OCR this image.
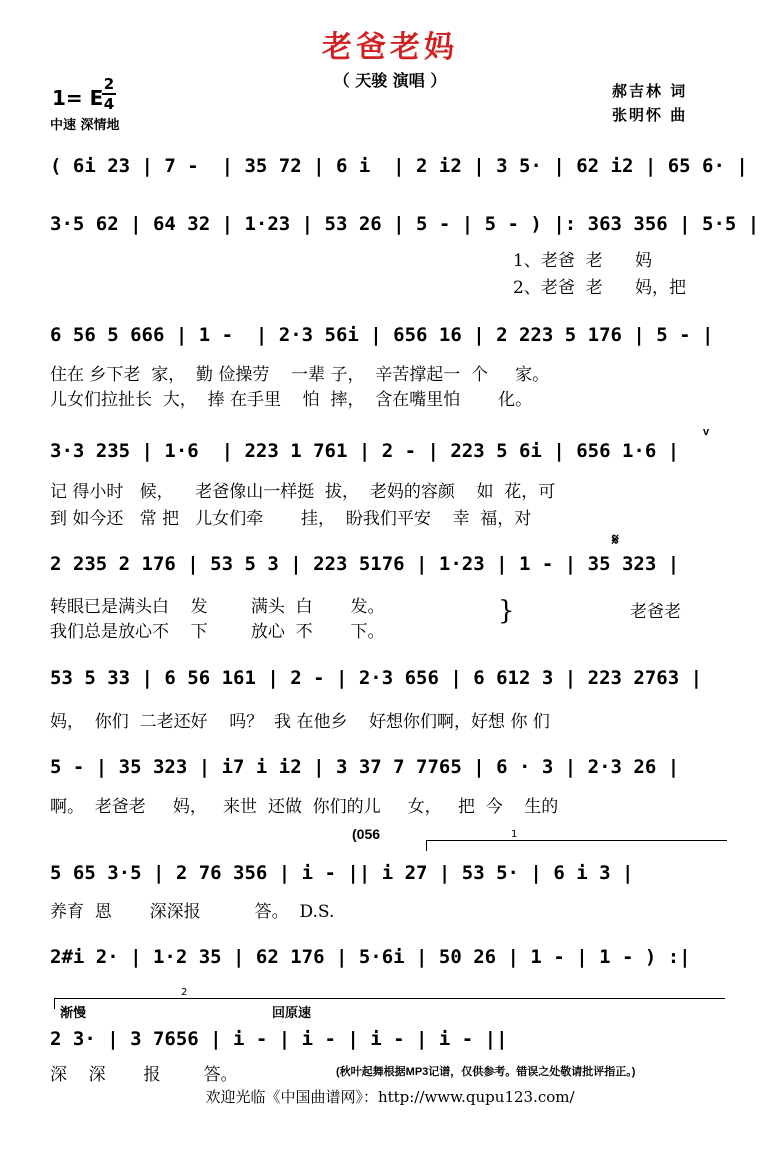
老爸老妈
（ 天骏 演唱 ）
1= E
2
4
中速 深情地
郝吉林 词
张明怀 曲
( 6i 23 | 7 -  | 35 72 | 6 i  | 2 i2 | 3 5· | 62 i2 | 65 6· |
3·5 62 | 64 32 | 1·23 | 53 26 | 5 - | 5 - ) |: 363 356 | 5·5 |
1、老爸  老      妈
2、老爸  老      妈，把
6 56 5 666 | 1 -  | 2·3 56i | 656 16 | 2 223 5 176 | 5 - |
住在 乡下老  家，  勤 俭操劳    一辈 子，  辛苦撑起一  个     家。
儿女们拉扯长  大，  捧 在手里    怕  摔，  含在嘴里怕       化。
3·3 235 | 1·6  | 223 1 761 | 2 - | 223 5 6i | 656 1·6 |
v
记 得小时   候，    老爸像山一样挺  拔，  老妈的容颜    如  花，可
到 如今还   常 把   儿女们牵       挂，  盼我们平安    幸  福，对
𝄋
2 235 2 176 | 53 5 3 | 223 5176 | 1·23 | 1 - | 35 323 |
转眼已是满头白    发        满头  白       发。
我们总是放心不    下        放心  不       下。
}	老爸老
53 5 33 | 6 56 161 | 2 - | 2·3 656 | 6 612 3 | 223 2763 |
妈，  你们  二老还好    吗？  我 在他乡    好想你们啊，好想 你 们
5 - | 35 323 | i7 i i2 | 3 37 7 7765 | 6 · 3 | 2·3 26 |
啊。  老爸老     妈，   来世  还做  你们的儿     女，   把  今    生的
(056	1
5 65 3·5 | 2 76 356 | i - || i 27 | 53 5· | 6 i 3 |
养育  恩       深深报          答。  D.S.
2#i 2· | 1·2 35 | 62 176 | 5·6i | 50 26 | 1 - | 1 - ) :|
2
渐慢	回原速
2 3· | 3 7656 | i - | i - | i - | i - ||
深    深       报        答。	(秋叶起舞根据MP3记谱，仅供参考。错误之处敬请批评指正。)
欢迎光临《中国曲谱网》：http://www.qupu123.com/
